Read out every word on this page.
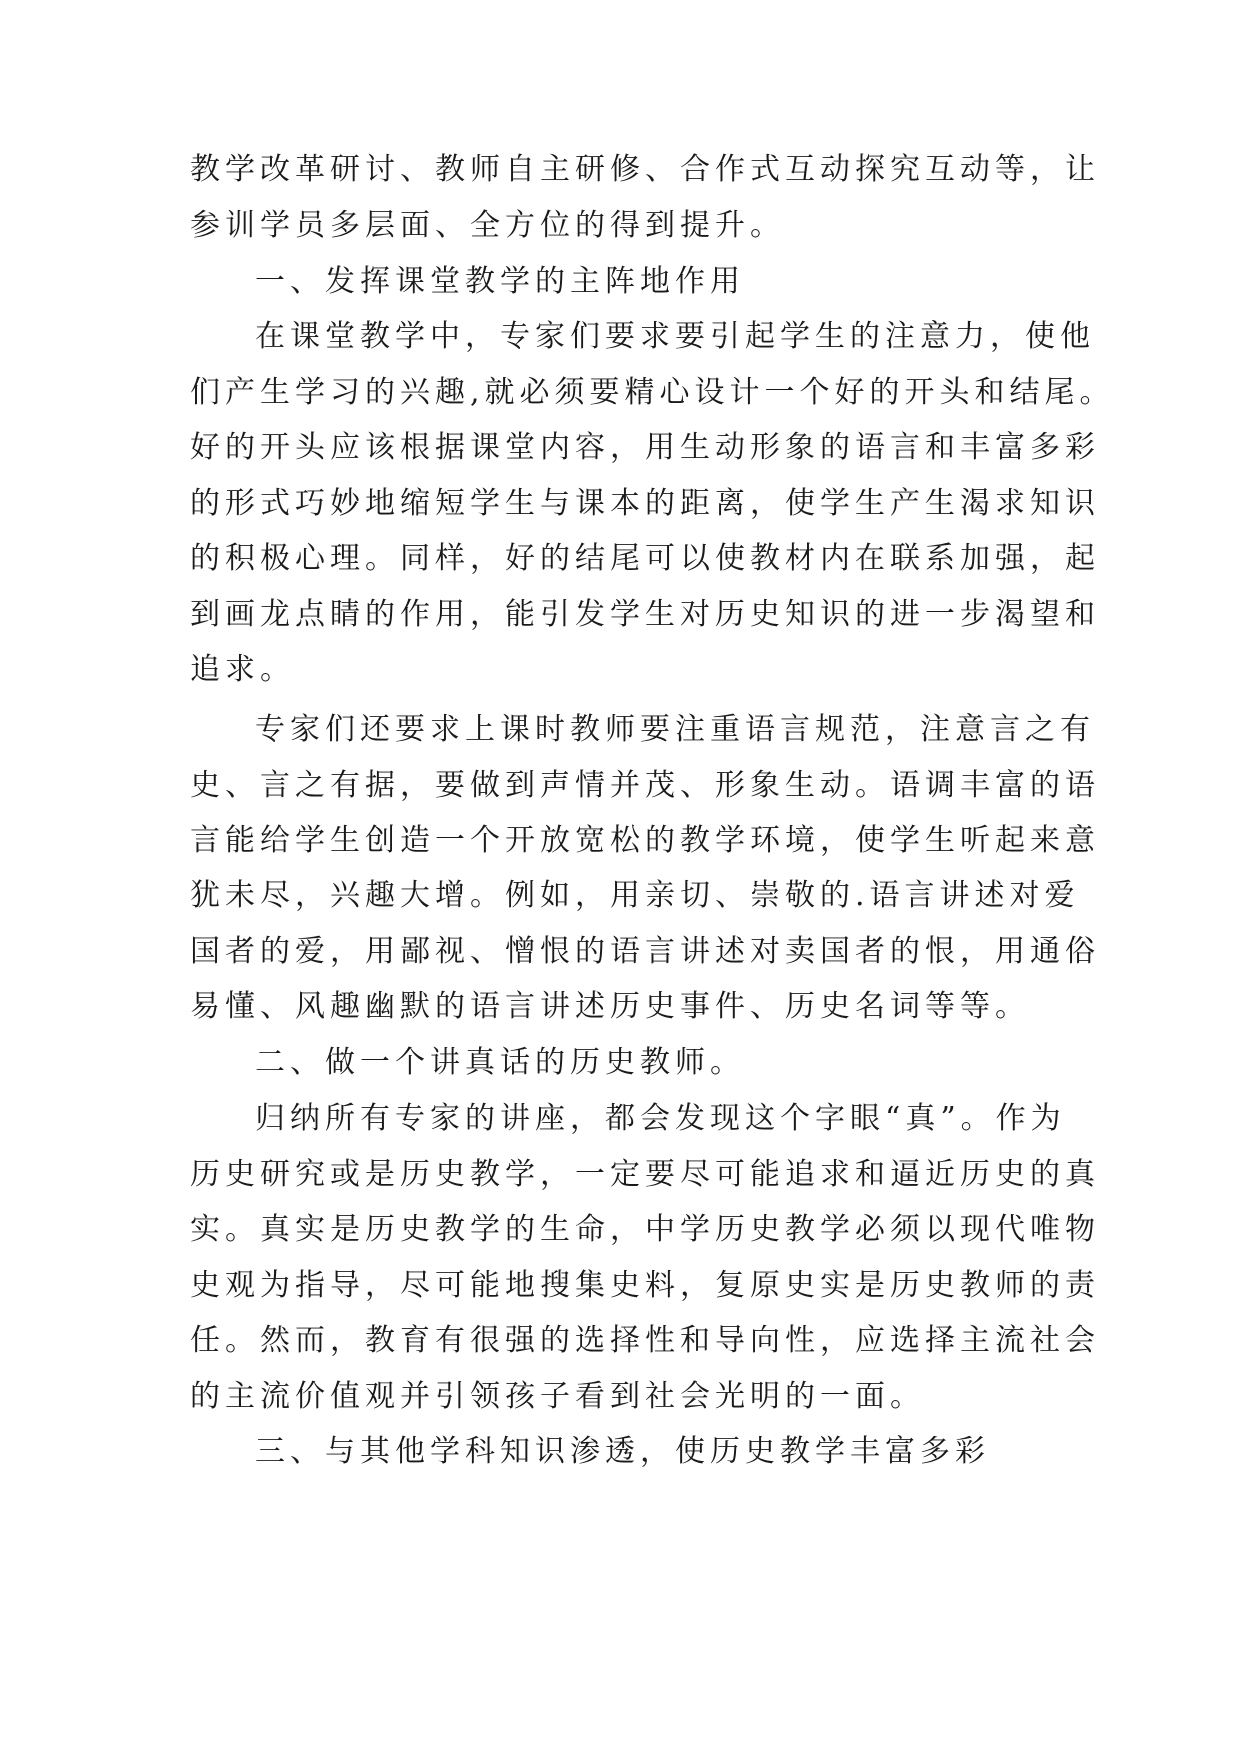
教学改革研讨、教师自主研修、合作式互动探究互动等，让
参训学员多层面、全方位的得到提升。
一、发挥课堂教学的主阵地作用
在课堂教学中，专家们要求要引起学生的注意力，使他
们产生学习的兴趣,就必须要精心设计一个好的开头和结尾。
好的开头应该根据课堂内容，用生动形象的语言和丰富多彩
的形式巧妙地缩短学生与课本的距离，使学生产生渴求知识
的积极心理。同样，好的结尾可以使教材内在联系加强，起
到画龙点睛的作用，能引发学生对历史知识的进一步渴望和
追求。
专家们还要求上课时教师要注重语言规范，注意言之有
史、言之有据，要做到声情并茂、形象生动。语调丰富的语
言能给学生创造一个开放宽松的教学环境，使学生听起来意
犹未尽，兴趣大增。例如，用亲切、崇敬的.语言讲述对爱
国者的爱，用鄙视、憎恨的语言讲述对卖国者的恨，用通俗
易懂、风趣幽默的语言讲述历史事件、历史名词等等。
二、做一个讲真话的历史教师。
归纳所有专家的讲座，都会发现这个字眼“真”。作为
历史研究或是历史教学，一定要尽可能追求和逼近历史的真
实。真实是历史教学的生命，中学历史教学必须以现代唯物
史观为指导，尽可能地搜集史料，复原史实是历史教师的责
任。然而，教育有很强的选择性和导向性，应选择主流社会
的主流价值观并引领孩子看到社会光明的一面。
三、与其他学科知识渗透，使历史教学丰富多彩
